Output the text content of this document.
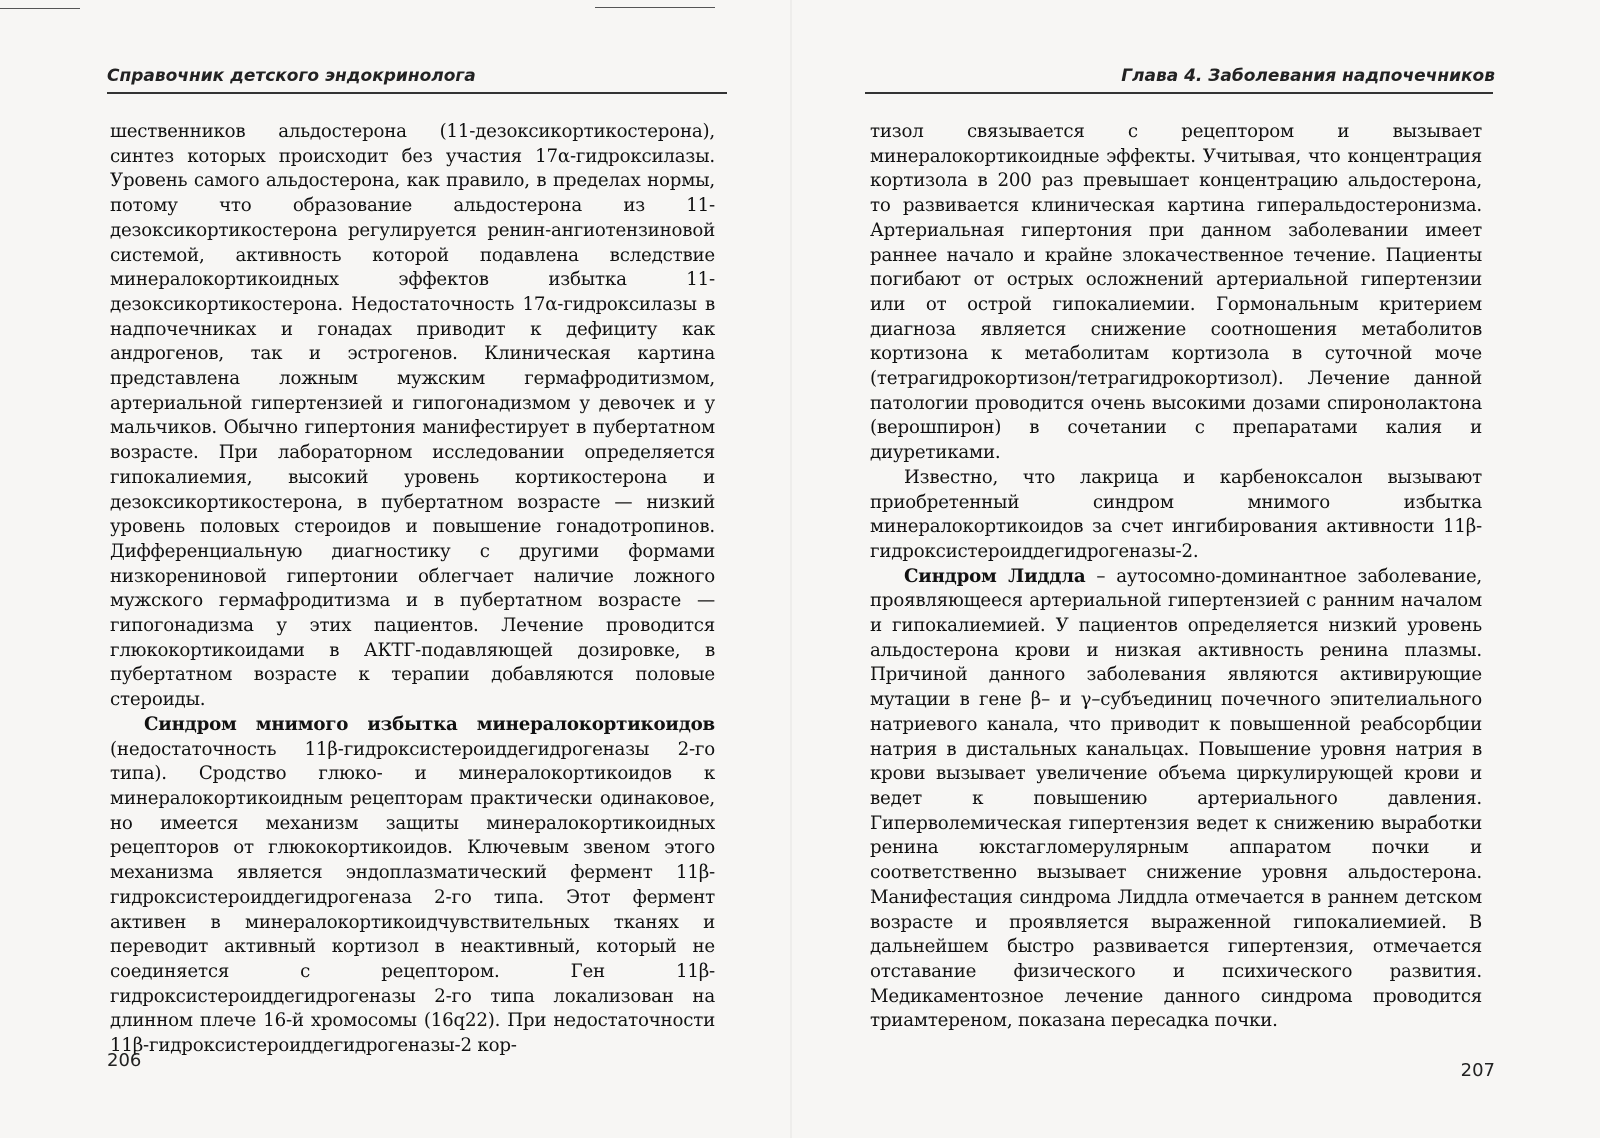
Справочник детского эндокринолога

шественников альдостерона (11-дезоксикортикостерона), синтез которых происходит без участия 17α-гидроксилазы. Уровень самого альдостерона, как правило, в пределах нормы, потому что образование альдостерона из 11-дезоксикортикостерона регулируется ренин-ангиотензиновой системой, активность которой подавлена вследствие минералокортикоидных эффектов избытка 11-дезоксикортикостерона. Недостаточность 17α-гидроксилазы в надпочечниках и гонадах приводит к дефициту как андрогенов, так и эстрогенов. Клиническая картина представлена ложным мужским гермафродитизмом, артериальной гипертензией и гипогонадизмом у девочек и у мальчиков. Обычно гипертония манифестирует в пубертатном возрасте. При лабораторном исследовании определяется гипокалиемия, высокий уровень кортикостерона и дезоксикортикостерона, в пубертатном возрасте — низкий уровень половых стероидов и повышение гонадотропинов. Дифференциальную диагностику с другими формами низкорениновой гипертонии облегчает наличие ложного мужского гермафродитизма и в пубертатном возрасте — гипогонадизма у этих пациентов. Лечение проводится глюкокортикоидами в АКТГ-подавляющей дозировке, в пубертатном возрасте к терапии добавляются половые стероиды.

Синдром мнимого избытка минералокортикоидов (недостаточность 11β-гидроксистероиддегидрогеназы 2-го типа). Сродство глюко- и минералокортикоидов к минералокортикоидным рецепторам практически одинаковое, но имеется механизм защиты минералокортикоидных рецепторов от глюкокортикоидов. Ключевым звеном этого механизма является эндоплазматический фермент 11β-гидроксистероиддегидрогеназа 2-го типа. Этот фермент активен в минералокортикоидчувствительных тканях и переводит активный кортизол в неактивный, который не соединяется с рецептором. Ген 11β-гидроксистероиддегидрогеназы 2-го типа локализован на длинном плече 16-й хромосомы (16q22). При недостаточности 11β-гидроксистероиддегидрогеназы-2 кор-

206
Глава 4. Заболевания надпочечников

тизол связывается с рецептором и вызывает минералокортикоидные эффекты. Учитывая, что концентрация кортизола в 200 раз превышает концентрацию альдостерона, то развивается клиническая картина гиперальдостеронизма. Артериальная гипертония при данном заболевании имеет раннее начало и крайне злокачественное течение. Пациенты погибают от острых осложнений артериальной гипертензии или от острой гипокалиемии. Гормональным критерием диагноза является снижение соотношения метаболитов кортизона к метаболитам кортизола в суточной моче (тетрагидрокортизон/тетрагидрокортизол). Лечение данной патологии проводится очень высокими дозами спиронолактона (верошпирон) в сочетании с препаратами калия и диуретиками.

Известно, что лакрица и карбеноксалон вызывают приобретенный синдром мнимого избытка минералокортикоидов за счет ингибирования активности 11β-гидроксистероиддегидрогеназы-2.

Синдром Лиддла – аутосомно-доминантное заболевание, проявляющееся артериальной гипертензией с ранним началом и гипокалиемией. У пациентов определяется низкий уровень альдостерона крови и низкая активность ренина плазмы. Причиной данного заболевания являются активирующие мутации в гене β– и γ–субъединиц почечного эпителиального натриевого канала, что приводит к повышенной реабсорбции натрия в дистальных канальцах. Повышение уровня натрия в крови вызывает увеличение объема циркулирующей крови и ведет к повышению артериального давления. Гиперволемическая гипертензия ведет к снижению выработки ренина юкстагломерулярным аппаратом почки и соответственно вызывает снижение уровня альдостерона. Манифестация синдрома Лиддла отмечается в раннем детском возрасте и проявляется выраженной гипокалиемией. В дальнейшем быстро развивается гипертензия, отмечается отставание физического и психического развития. Медикаментозное лечение данного синдрома проводится триамтереном, показана пересадка почки.

207
